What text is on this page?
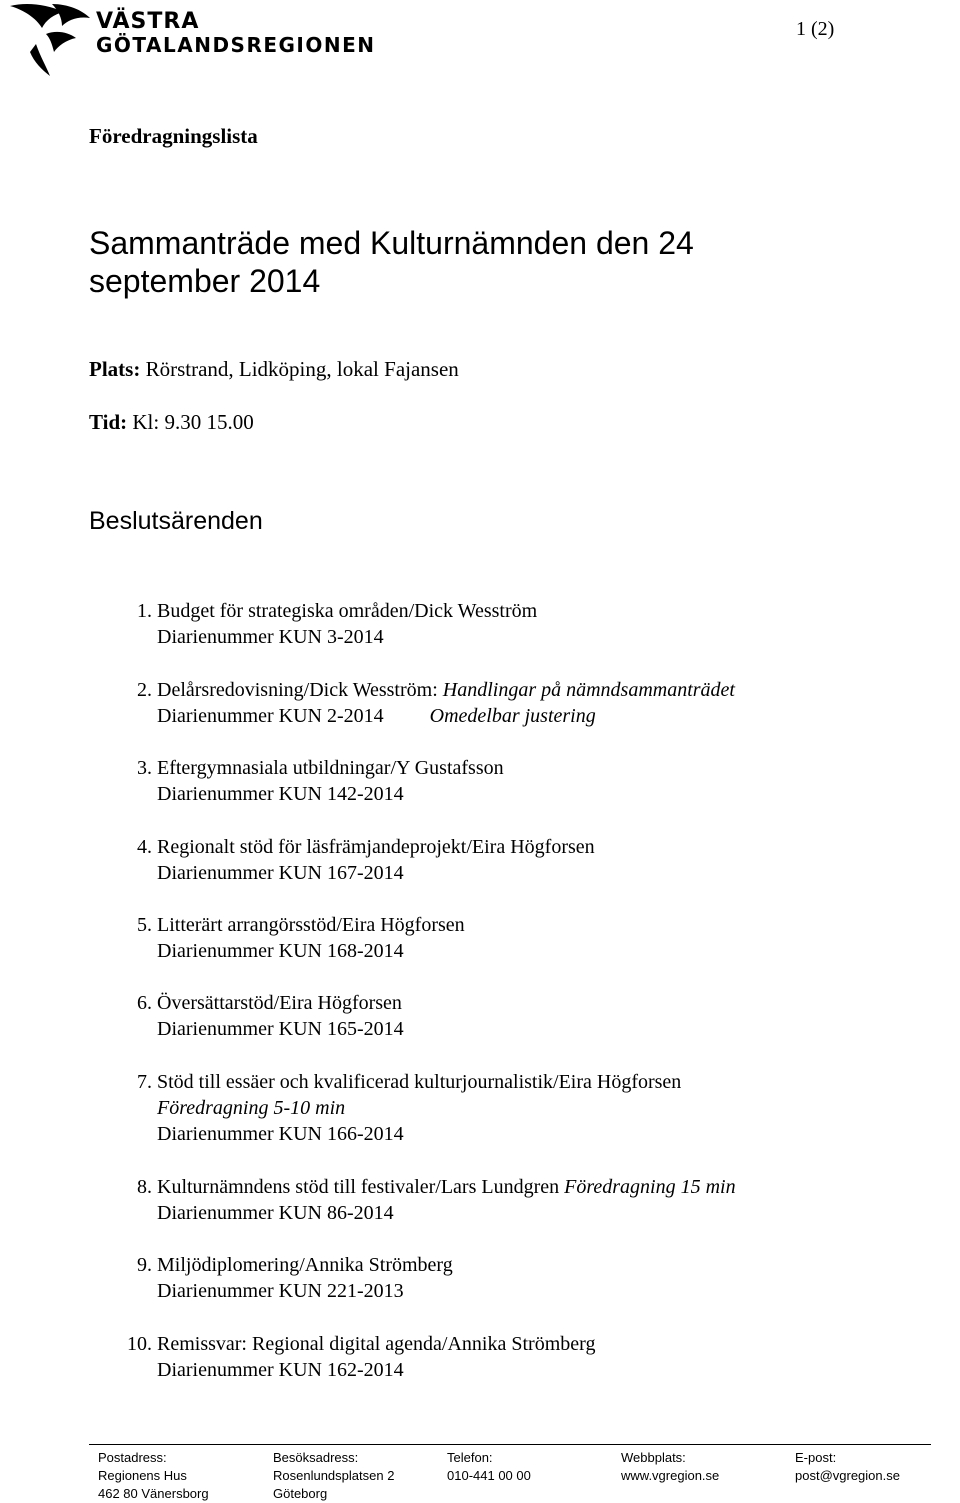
VÄSTRA
GÖTALANDSREGIONEN
1 (2)
Föredragningslista
Sammanträde med Kulturnämnden den 24 september 2014
Plats: Rörstrand, Lidköping, lokal Fajansen
Tid: Kl: 9.30 15.00
Beslutsärenden
1. Budget för strategiska områden/Dick Wesström
Diarienummer KUN 3-2014
2. Delårsredovisning/Dick Wesström: Handlingar på nämndsammanträdet
Diarienummer KUN 2-2014 Omedelbar justering
3. Eftergymnasiala utbildningar/Y Gustafsson
Diarienummer KUN 142-2014
4. Regionalt stöd för läsfrämjandeprojekt/Eira Högforsen
Diarienummer KUN 167-2014
5. Litterärt arrangörsstöd/Eira Högforsen
Diarienummer KUN 168-2014
6. Översättarstöd/Eira Högforsen
Diarienummer KUN 165-2014
7. Stöd till essäer och kvalificerad kulturjournalistik/Eira Högforsen
Föredragning 5-10 min
Diarienummer KUN 166-2014
8. Kulturnämndens stöd till festivaler/Lars Lundgren Föredragning 15 min
Diarienummer KUN 86-2014
9. Miljödiplomering/Annika Strömberg
Diarienummer KUN 221-2013
10. Remissvar: Regional digital agenda/Annika Strömberg
Diarienummer KUN 162-2014
Postadress:
Regionens Hus
462 80 Vänersborg
Besöksadress:
Rosenlundsplatsen 2
Göteborg
Telefon:
010-441 00 00
Webbplats:
www.vgregion.se
E-post:
post@vgregion.se
